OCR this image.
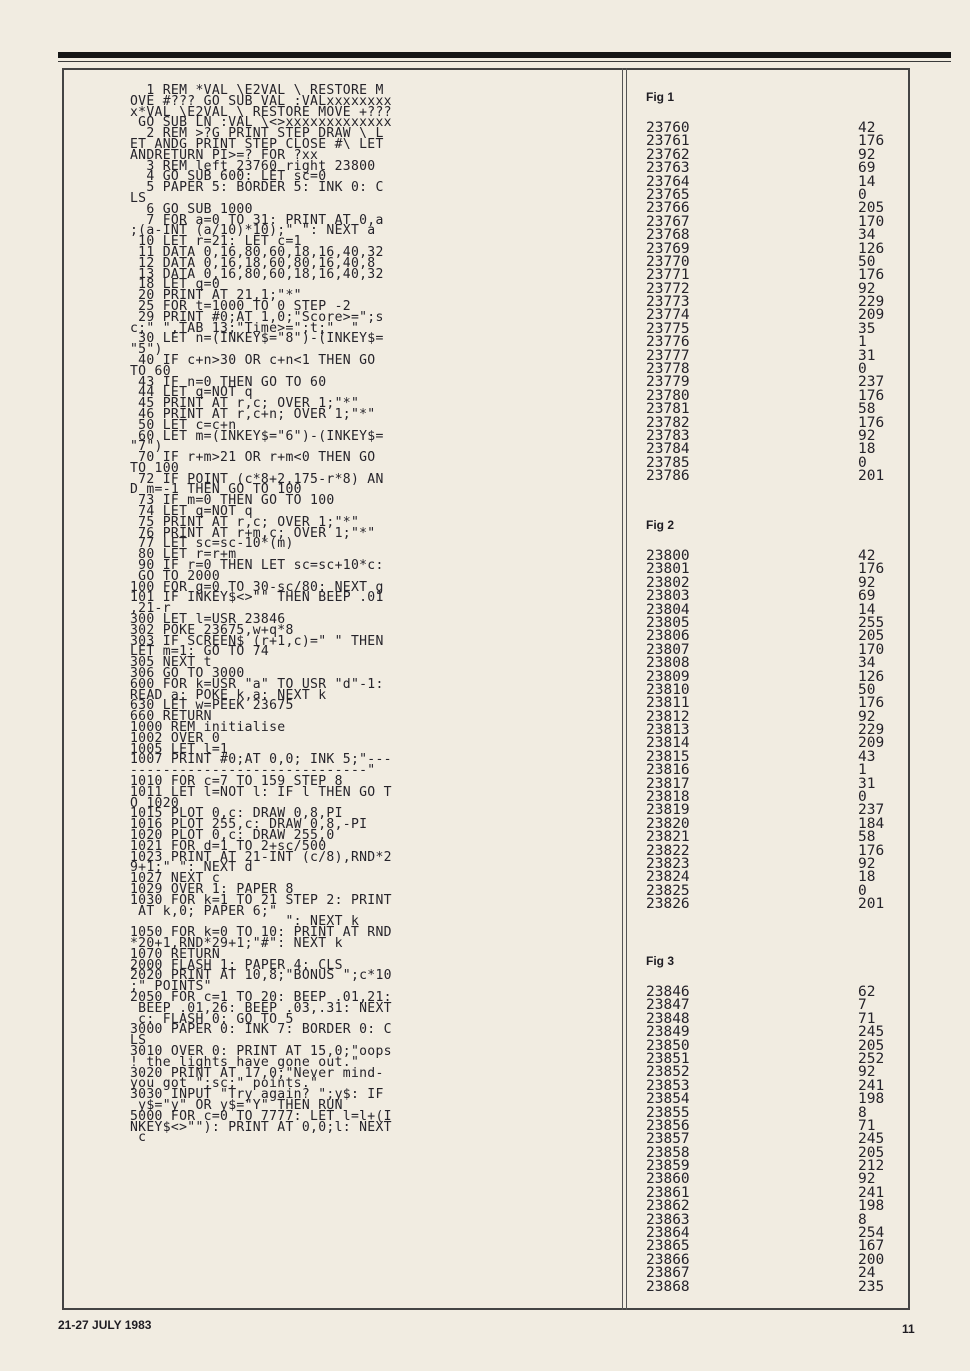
1 REM *VAL \E2VAL \ RESTORE M
OVE #??? GO SUB VAL :VALxxxxxxxx
x*VAL \E2VAL \ RESTORE MOVE +???
GO SUB LN :VAL \<>xxxxxxxxxxxxx
2 REM >?G PRINT STEP DRAW \ L
ET ANDG PRINT STEP CLOSE #\ LET
ANDRETURN PI>=? FOR ?xx
3 REM left 23760 right 23800
4 GO SUB 600: LET sc=0
5 PAPER 5: BORDER 5: INK 0: C
LS
6 GO SUB 1000
7 FOR a=0 TO 31: PRINT AT 0,a
;(a-INT (a/10)*10);" ": NEXT a
10 LET r=21: LET c=1
11 DATA 0,16,80,60,18,16,40,32
12 DATA 0,16,18,60,80,16,40,8
13 DATA 0,16,80,60,18,16,40,32
18 LET q=0
20 PRINT AT 21,1;"*"
25 FOR t=1000 TO 0 STEP -2
29 PRINT #0;AT 1,0;"Score>=";s
c;" ",TAB 13;"Time>=";t;"  "
30 LET n=(INKEY$="8")-(INKEY$=
"5")
40 IF c+n>30 OR c+n<1 THEN GO
TO 60
43 IF n=0 THEN GO TO 60
44 LET q=NOT q
45 PRINT AT r,c; OVER 1;"*"
46 PRINT AT r,c+n; OVER 1;"*"
50 LET c=c+n
60 LET m=(INKEY$="6")-(INKEY$=
"7")
70 IF r+m>21 OR r+m<0 THEN GO
TO 100
72 IF POINT (c*8+2,175-r*8) AN
D m=-1 THEN GO TO 100
73 IF m=0 THEN GO TO 100
74 LET q=NOT q
75 PRINT AT r,c; OVER 1;"*"
76 PRINT AT r+m,c; OVER 1;"*"
77 LET sc=sc-10*(m)
80 LET r=r+m
90 IF r=0 THEN LET sc=sc+10*c:
GO TO 2000
100 FOR g=0 TO 30-sc/80: NEXT g
101 IF INKEY$<>"" THEN BEEP .01
,21-r
300 LET l=USR 23846
302 POKE 23675,w+q*8
303 IF SCREEN$ (r+1,c)=" " THEN
LET m=1: GO TO 74
305 NEXT t
306 GO TO 3000
600 FOR k=USR "a" TO USR "d"-1:
READ a: POKE k,a: NEXT k
630 LET w=PEEK 23675
660 RETURN
1000 REM initialise
1002 OVER 0
1005 LET l=1
1007 PRINT #0;AT 0,0; INK 5;"---
-----------------------------"
1010 FOR c=7 TO 159 STEP 8
1011 LET l=NOT l: IF l THEN GO T
O 1020
1015 PLOT 0,c: DRAW 0,8,PI
1016 PLOT 255,c: DRAW 0,8,-PI
1020 PLOT 0,c: DRAW 255,0
1021 FOR d=1 TO 2+sc/500
1023 PRINT AT 21-INT (c/8),RND*2
9+1;" ": NEXT d
1027 NEXT c
1029 OVER 1: PAPER 8
1030 FOR k=1 TO 21 STEP 2: PRINT
AT k,0; PAPER 6;"
": NEXT k
1050 FOR k=0 TO 10: PRINT AT RND
*20+1,RND*29+1;"#": NEXT k
1070 RETURN
2000 FLASH 1: PAPER 4: CLS
2020 PRINT AT 10,8;"BONUS ";c*10
;" POINTS"
2050 FOR c=1 TO 20: BEEP .01,21:
BEEP .01,26: BEEP .03,.31: NEXT
c: FLASH 0: GO TO 5
3000 PAPER 0: INK 7: BORDER 0: C
LS
3010 OVER 0: PRINT AT 15,0;"oops
! the lights have gone out."
3020 PRINT AT 17,0;"Never mind-
you got ";sc;" points."
3030 INPUT "Try again? ";y$: IF
y$="y" OR y$="Y" THEN RUN
5000 FOR c=0 TO 7777: LET l=l+(I
NKEY$<>""): PRINT AT 0,0;l: NEXT
c
Fig 1
23760	42
23761	176
23762	92
23763	69
23764	14
23765	0
23766	205
23767	170
23768	34
23769	126
23770	50
23771	176
23772	92
23773	229
23774	209
23775	35
23776	1
23777	31
23778	0
23779	237
23780	176
23781	58
23782	176
23783	92
23784	18
23785	0
23786	201
Fig 2
23800	42
23801	176
23802	92
23803	69
23804	14
23805	255
23806	205
23807	170
23808	34
23809	126
23810	50
23811	176
23812	92
23813	229
23814	209
23815	43
23816	1
23817	31
23818	0
23819	237
23820	184
23821	58
23822	176
23823	92
23824	18
23825	0
23826	201
Fig 3
23846	62
23847	7
23848	71
23849	245
23850	205
23851	252
23852	92
23853	241
23854	198
23855	8
23856	71
23857	245
23858	205
23859	212
23860	92
23861	241
23862	198
23863	8
23864	254
23865	167
23866	200
23867	24
23868	235
21-27 JULY 1983	11
